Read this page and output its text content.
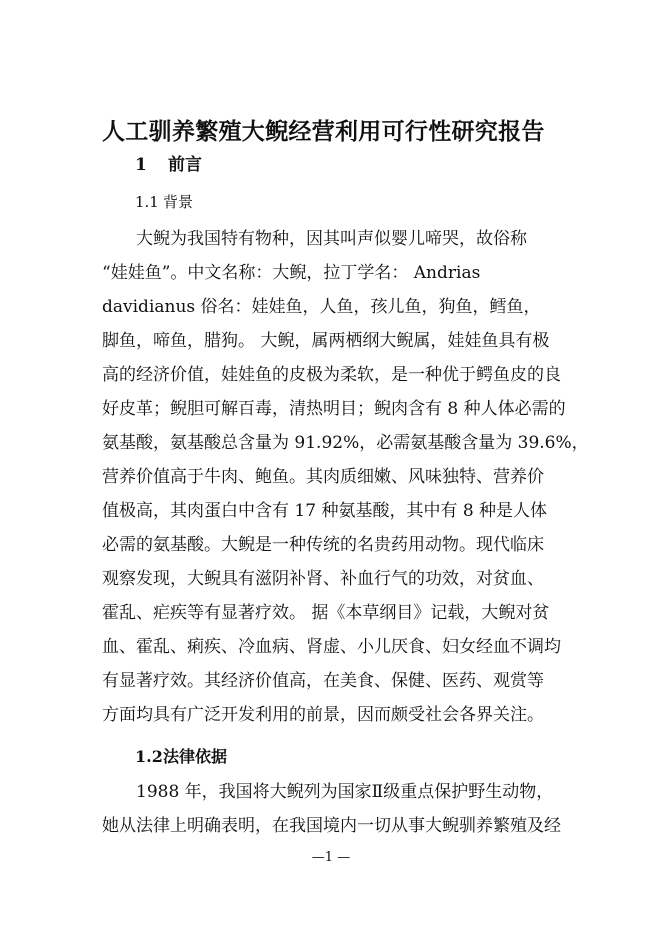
人工驯养繁殖大鲵经营利用可行性研究报告
1 前言
1.1 背景
大鲵为我国特有物种，因其叫声似婴儿啼哭，故俗称
“娃娃鱼”。中文名称：大鲵，拉丁学名： Andrias
davidianus 俗名：娃娃鱼，人鱼，孩儿鱼，狗鱼，鳕鱼，
脚鱼，啼鱼，腊狗。 大鲵，属两栖纲大鲵属，娃娃鱼具有极
高的经济价值，娃娃鱼的皮极为柔软，是一种优于鳄鱼皮的良
好皮革；鲵胆可解百毒，清热明目；鲵肉含有 8 种人体必需的
氨基酸，氨基酸总含量为 91.92%，必需氨基酸含量为 39.6%，
营养价值高于牛肉、鲍鱼。其肉质细嫩、风味独特、营养价
值极高，其肉蛋白中含有 17 种氨基酸，其中有 8 种是人体
必需的氨基酸。大鲵是一种传统的名贵药用动物。现代临床
观察发现，大鲵具有滋阴补肾、补血行气的功效，对贫血、
霍乱、疟疾等有显著疗效。 据《本草纲目》记载，大鲵对贫
血、霍乱、痢疾、冷血病、肾虚、小儿厌食、妇女经血不调均
有显著疗效。其经济价值高，在美食、保健、医药、观赏等
方面均具有广泛开发利用的前景，因而颇受社会各界关注。
1.2法律依据
1988 年，我国将大鲵列为国家Ⅱ级重点保护野生动物，
她从法律上明确表明，在我国境内一切从事大鲵驯养繁殖及经
—1 —
